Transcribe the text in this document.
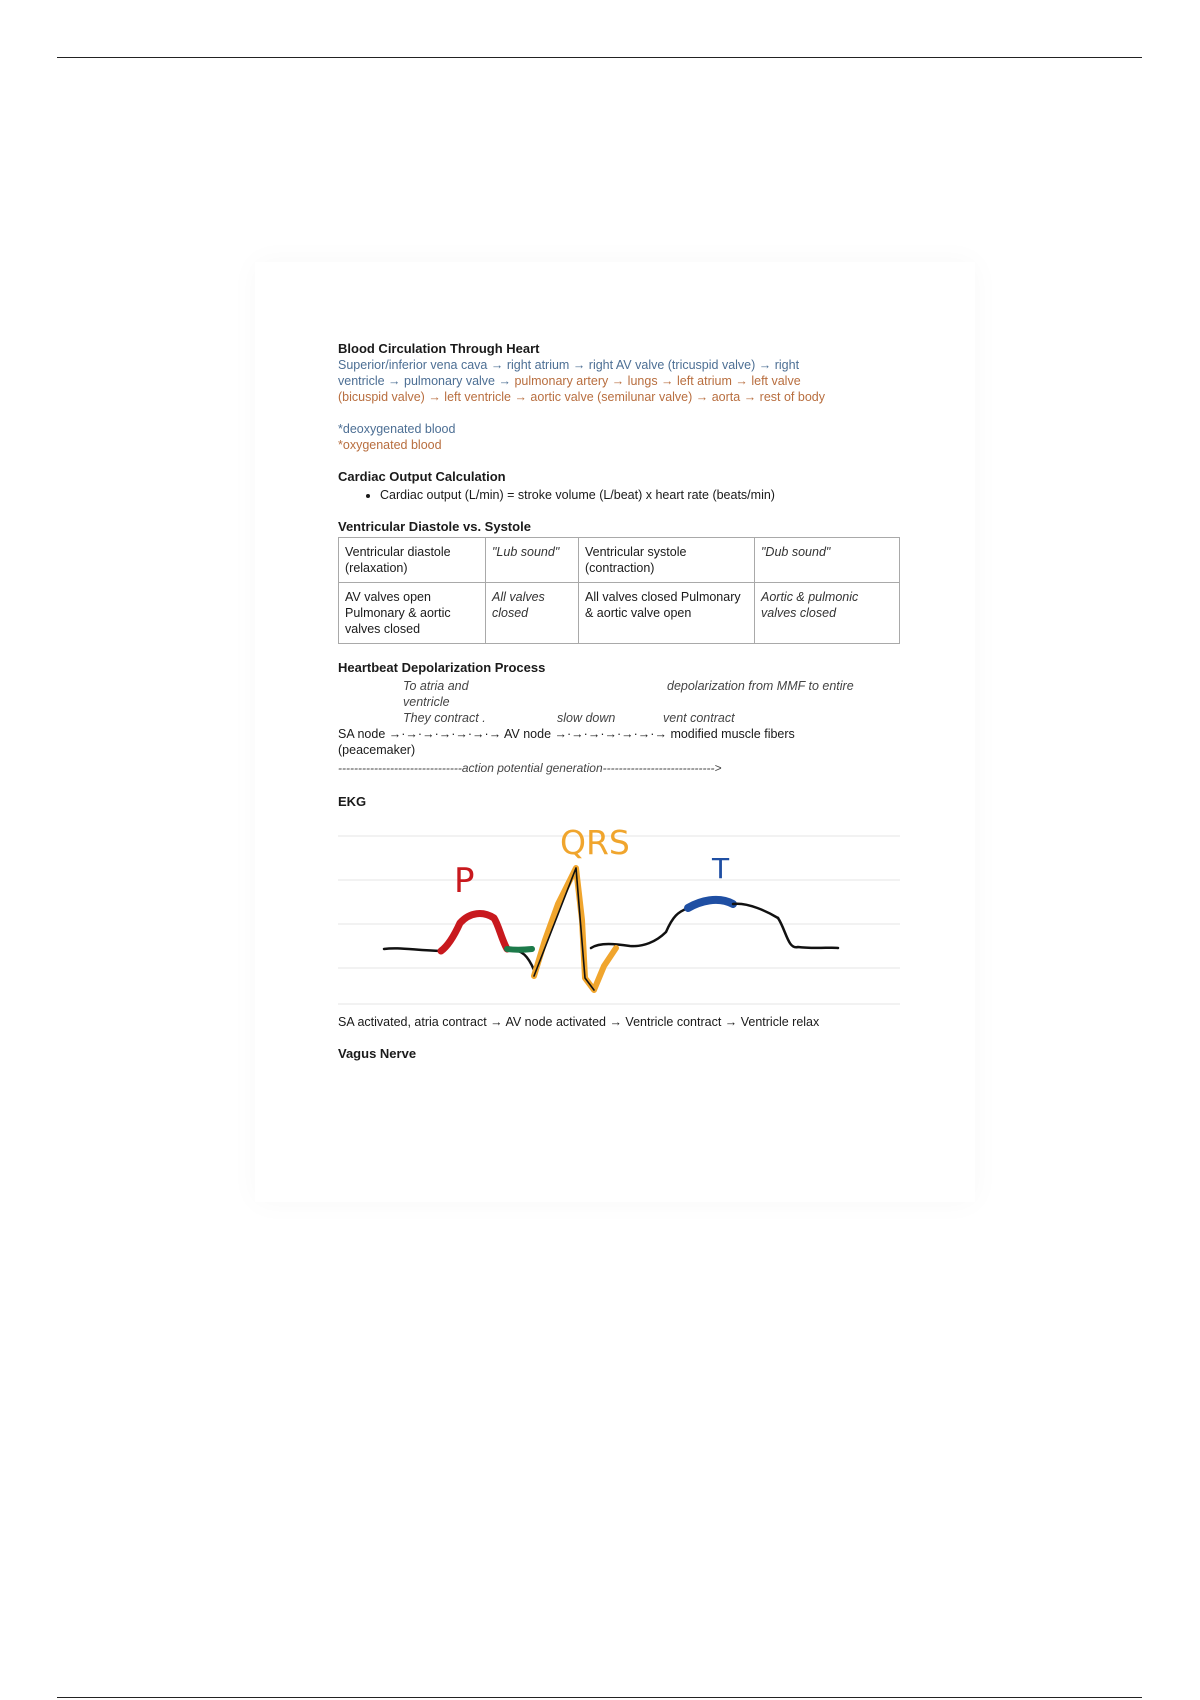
Blood Circulation Through Heart

Superior/inferior vena cava → right atrium → right AV valve (tricuspid valve) → right

ventricle → pulmonary valve → pulmonary artery → lungs → left atrium → left valve

(bicuspid valve) → left ventricle → aortic valve (semilunar valve) → aorta → rest of body

*deoxygenated blood

*oxygenated blood

Cardiac Output Calculation

• Cardiac output (L/min) = stroke volume (L/beat) x heart rate (beats/min)

Ventricular Diastole vs. Systole

Ventricular diastole (relaxation)	"Lub sound"	Ventricular systole (contraction)	"Dub sound"
AV valves open Pulmonary & aortic valves closed	All valves closed	All valves closed Pulmonary & aortic valve open	Aortic & pulmonic valves closed

Heartbeat Depolarization Process

To atria and ventricle
depolarization from MMF to entire
They contract .	slow down	vent contract
SA node →·→·→·→·→·→·→ AV node →·→·→·→·→·→·→ modified muscle fibers
(peacemaker)
-------------------------------action potential generation---------------------------->

EKG

P
QRS
T

SA activated, atria contract → AV node activated → Ventricle contract → Ventricle relax

Vagus Nerve
